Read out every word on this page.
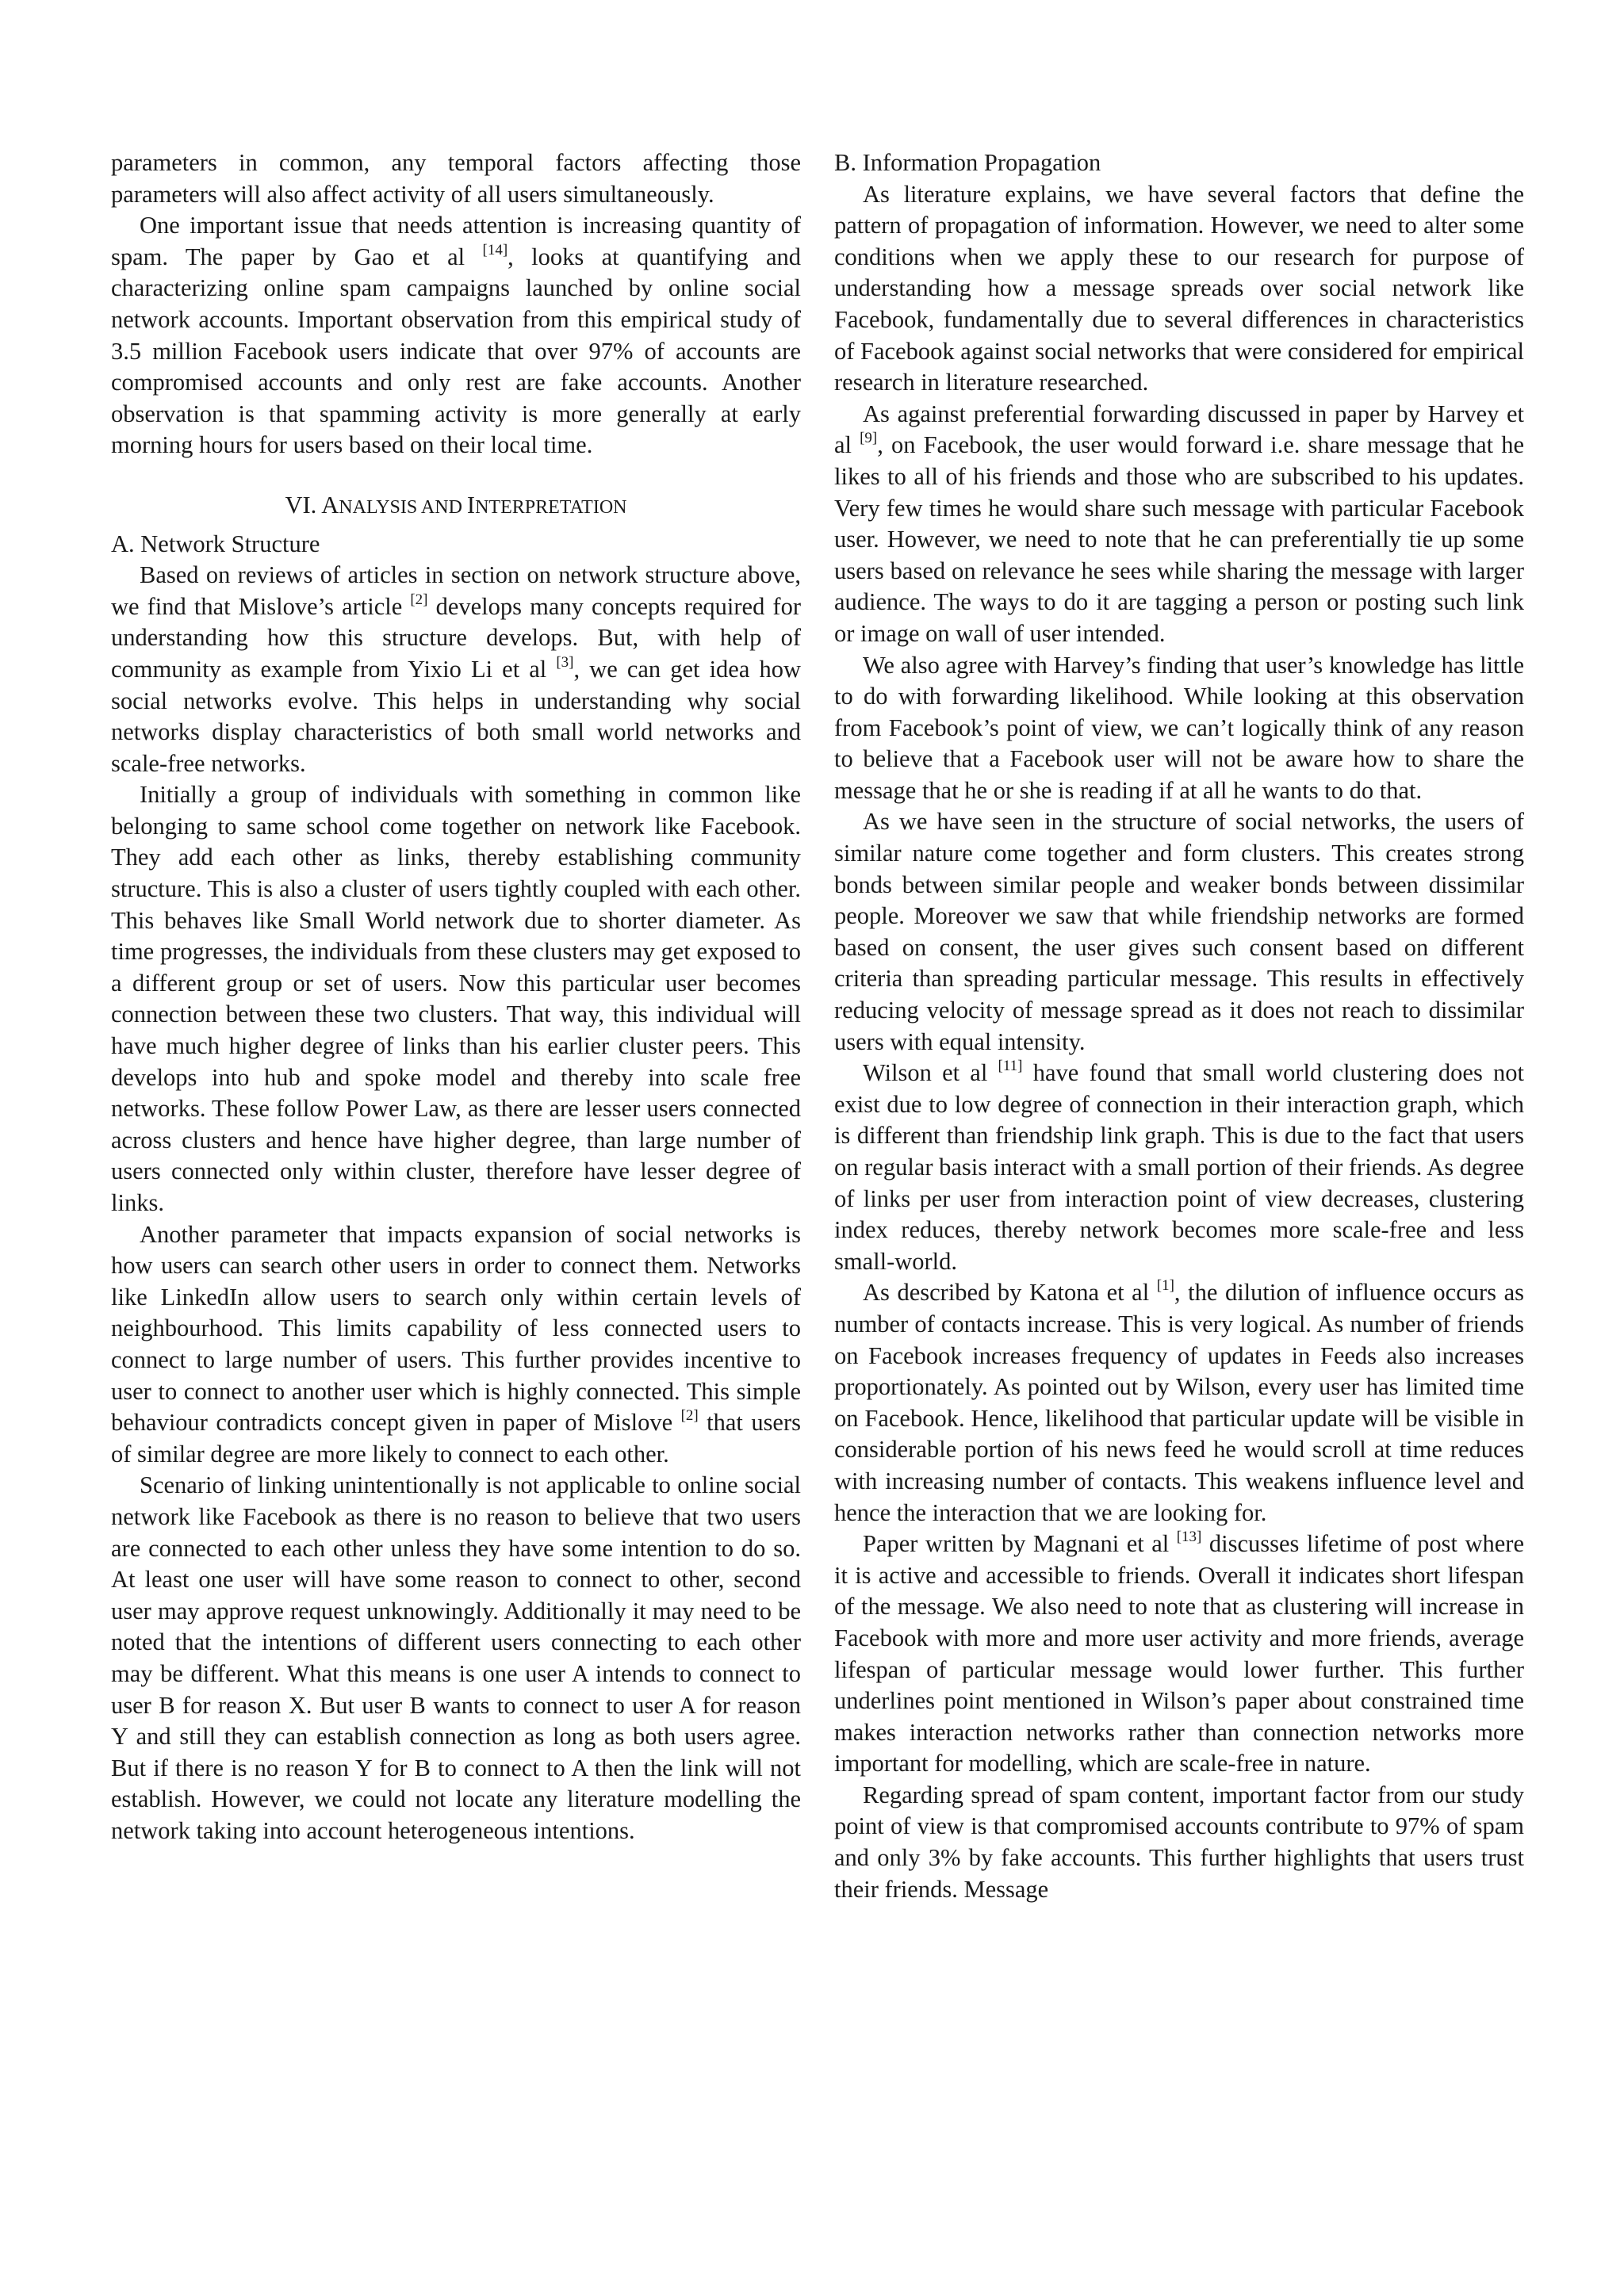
parameters in common, any temporal factors affecting those parameters will also affect activity of all users simultaneously.

One important issue that needs attention is increasing quantity of spam. The paper by Gao et al [14], looks at quantifying and characterizing online spam campaigns launched by online social network accounts. Important observation from this empirical study of 3.5 million Facebook users indicate that over 97% of accounts are compromised accounts and only rest are fake accounts. Another observation is that spamming activity is more generally at early morning hours for users based on their local time.

VI. ANALYSIS AND INTERPRETATION
A. Network Structure

Based on reviews of articles in section on network structure above, we find that Mislove’s article [2] develops many concepts required for understanding how this structure develops. But, with help of community as example from Yixio Li et al [3], we can get idea how social networks evolve. This helps in understanding why social networks display characteristics of both small world networks and scale-free networks.

Initially a group of individuals with something in common like belonging to same school come together on network like Facebook. They add each other as links, thereby establishing community structure. This is also a cluster of users tightly coupled with each other. This behaves like Small World network due to shorter diameter. As time progresses, the individuals from these clusters may get exposed to a different group or set of users. Now this particular user becomes connection between these two clusters. That way, this individual will have much higher degree of links than his earlier cluster peers. This develops into hub and spoke model and thereby into scale free networks. These follow Power Law, as there are lesser users connected across clusters and hence have higher degree, than large number of users connected only within cluster, therefore have lesser degree of links.

Another parameter that impacts expansion of social networks is how users can search other users in order to connect them. Networks like LinkedIn allow users to search only within certain levels of neighbourhood. This limits capability of less connected users to connect to large number of users. This further provides incentive to user to connect to another user which is highly connected. This simple behaviour contradicts concept given in paper of Mislove [2] that users of similar degree are more likely to connect to each other.

Scenario of linking unintentionally is not applicable to online social network like Facebook as there is no reason to believe that two users are connected to each other unless they have some intention to do so. At least one user will have some reason to connect to other, second user may approve request unknowingly. Additionally it may need to be noted that the intentions of different users connecting to each other may be different. What this means is one user A intends to connect to user B for reason X. But user B wants to connect to user A for reason Y and still they can establish connection as long as both users agree. But if there is no reason Y for B to connect to A then the link will not establish. However, we could not locate any literature modelling the network taking into account heterogeneous intentions.

B. Information Propagation

As literature explains, we have several factors that define the pattern of propagation of information. However, we need to alter some conditions when we apply these to our research for purpose of understanding how a message spreads over social network like Facebook, fundamentally due to several differences in characteristics of Facebook against social networks that were considered for empirical research in literature researched.

As against preferential forwarding discussed in paper by Harvey et al [9], on Facebook, the user would forward i.e. share message that he likes to all of his friends and those who are subscribed to his updates. Very few times he would share such message with particular Facebook user. However, we need to note that he can preferentially tie up some users based on relevance he sees while sharing the message with larger audience. The ways to do it are tagging a person or posting such link or image on wall of user intended.

We also agree with Harvey’s finding that user’s knowledge has little to do with forwarding likelihood. While looking at this observation from Facebook’s point of view, we can’t logically think of any reason to believe that a Facebook user will not be aware how to share the message that he or she is reading if at all he wants to do that.

As we have seen in the structure of social networks, the users of similar nature come together and form clusters. This creates strong bonds between similar people and weaker bonds between dissimilar people. Moreover we saw that while friendship networks are formed based on consent, the user gives such consent based on different criteria than spreading particular message. This results in effectively reducing velocity of message spread as it does not reach to dissimilar users with equal intensity.

Wilson et al [11] have found that small world clustering does not exist due to low degree of connection in their interaction graph, which is different than friendship link graph. This is due to the fact that users on regular basis interact with a small portion of their friends. As degree of links per user from interaction point of view decreases, clustering index reduces, thereby network becomes more scale-free and less small-world.

As described by Katona et al [1], the dilution of influence occurs as number of contacts increase. This is very logical. As number of friends on Facebook increases frequency of updates in Feeds also increases proportionately. As pointed out by Wilson, every user has limited time on Facebook. Hence, likelihood that particular update will be visible in considerable portion of his news feed he would scroll at time reduces with increasing number of contacts. This weakens influence level and hence the interaction that we are looking for.

Paper written by Magnani et al [13] discusses lifetime of post where it is active and accessible to friends. Overall it indicates short lifespan of the message. We also need to note that as clustering will increase in Facebook with more and more user activity and more friends, average lifespan of particular message would lower further. This further underlines point mentioned in Wilson’s paper about constrained time makes interaction networks rather than connection networks more important for modelling, which are scale-free in nature.

Regarding spread of spam content, important factor from our study point of view is that compromised accounts contribute to 97% of spam and only 3% by fake accounts. This further highlights that users trust their friends. Message
